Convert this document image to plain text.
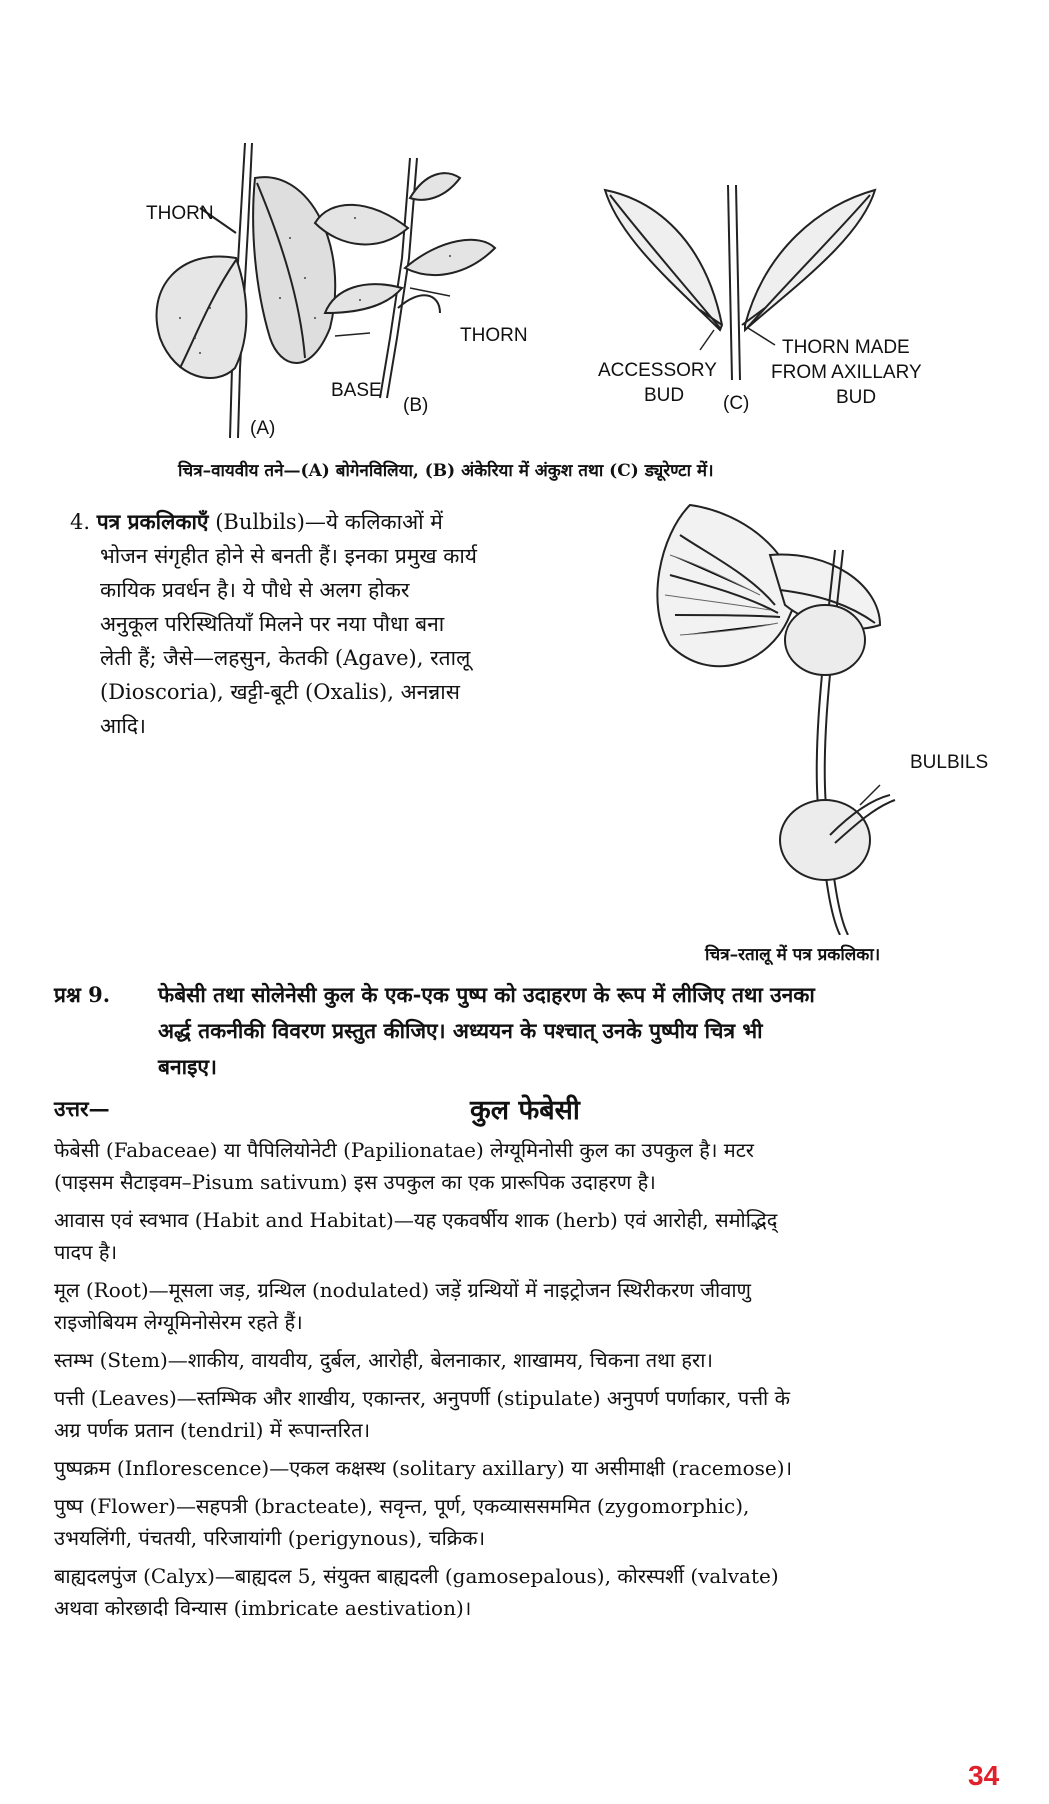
THORN
THORN
BASE
(A)
(B)
THORN MADE
FROM AXILLARY
BUD
ACCESSORY
BUD (C)
चित्र–वायवीय तने—(A) बोगेनविलिया, (B) अंकेरिया में अंकुश तथा (C) ड्यूरेण्टा में।
4. पत्र प्रकलिकाएँ (Bulbils)—ये कलिकाओं में
भोजन संगृहीत होने से बनती हैं। इनका प्रमुख कार्य
कायिक प्रवर्धन है। ये पौधे से अलग होकर
अनुकूल परिस्थितियाँ मिलने पर नया पौधा बना
लेती हैं; जैसे—लहसुन, केतकी (Agave), रतालू
(Dioscoria), खट्टी-बूटी (Oxalis), अनन्नास
आदि।
BULBILS
चित्र–रतालू में पत्र प्रकलिका।
प्रश्न 9.	फेबेसी तथा सोलेनेसी कुल के एक-एक पुष्प को उदाहरण के रूप में लीजिए तथा उनका
अर्द्ध तकनीकी विवरण प्रस्तुत कीजिए। अध्ययन के पश्चात् उनके पुष्पीय चित्र भी
बनाइए।
उत्तर—	कुल फेबेसी
फेबेसी (Fabaceae) या पैपिलियोनेटी (Papilionatae) लेग्यूमिनोसी कुल का उपकुल है। मटर
(पाइसम सैटाइवम–Pisum sativum) इस उपकुल का एक प्रारूपिक उदाहरण है।
आवास एवं स्वभाव (Habit and Habitat)—यह एकवर्षीय शाक (herb) एवं आरोही, समोद्भिद्
पादप है।
मूल (Root)—मूसला जड़, ग्रन्थिल (nodulated) जड़ें ग्रन्थियों में नाइट्रोजन स्थिरीकरण जीवाणु
राइजोबियम लेग्यूमिनोसेरम रहते हैं।
स्तम्भ (Stem)—शाकीय, वायवीय, दुर्बल, आरोही, बेलनाकार, शाखामय, चिकना तथा हरा।
पत्ती (Leaves)—स्तम्भिक और शाखीय, एकान्तर, अनुपर्णी (stipulate) अनुपर्ण पर्णाकार, पत्ती के
अग्र पर्णक प्रतान (tendril) में रूपान्तरित।
पुष्पक्रम (Inflorescence)—एकल कक्षस्थ (solitary axillary) या असीमाक्षी (racemose)।
पुष्प (Flower)—सहपत्री (bracteate), सवृन्त, पूर्ण, एकव्याससममित (zygomorphic),
उभयलिंगी, पंचतयी, परिजायांगी (perigynous), चक्रिक।
बाह्यदलपुंज (Calyx)—बाह्यदल 5, संयुक्त बाह्यदली (gamosepalous), कोरस्पर्शी (valvate)
अथवा कोरछादी विन्यास (imbricate aestivation)।
34
